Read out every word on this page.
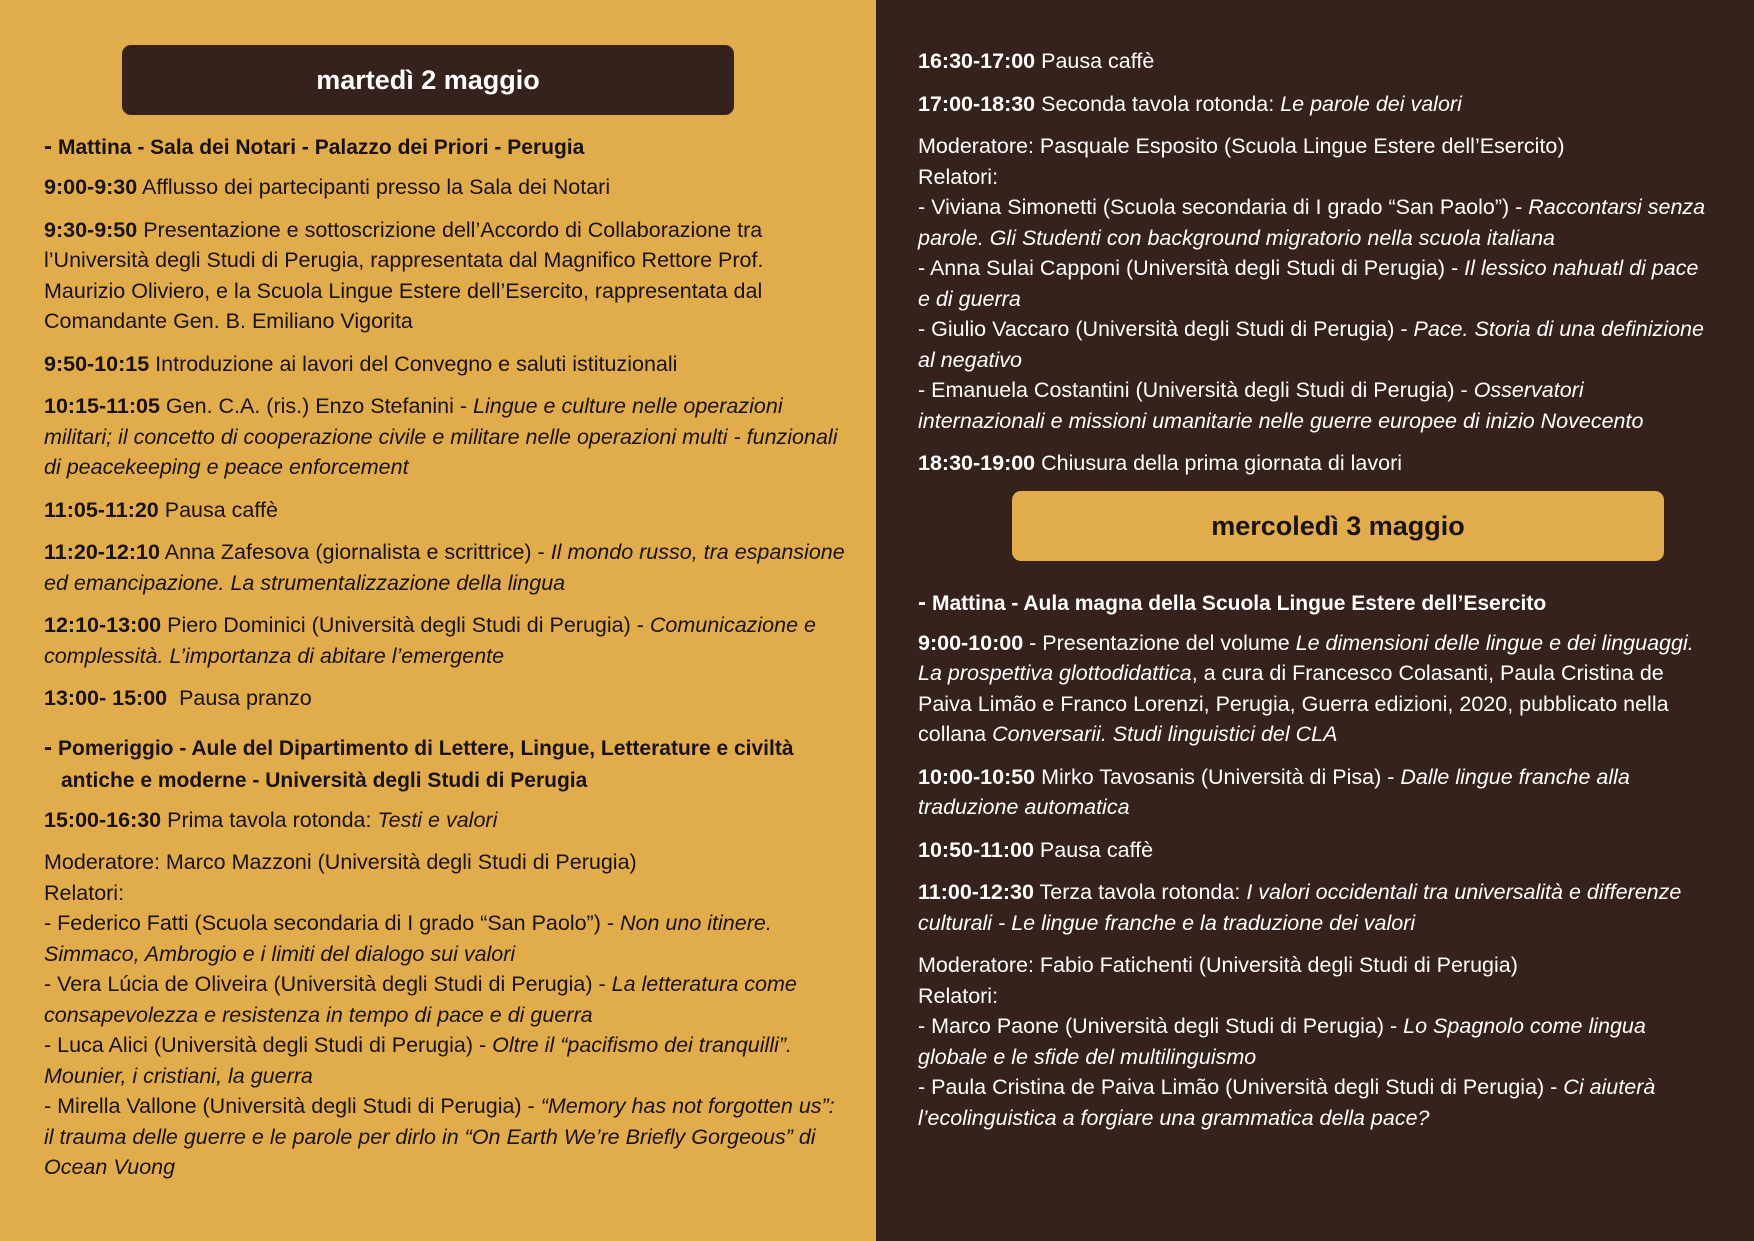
martedì 2 maggio
- Mattina - Sala dei Notari - Palazzo dei Priori - Perugia
9:00-9:30 Afflusso dei partecipanti presso la Sala dei Notari
9:30-9:50 Presentazione e sottoscrizione dell’Accordo di Collaborazione tra l’Università degli Studi di Perugia, rappresentata dal Magnifico Rettore Prof. Maurizio Oliviero, e la Scuola Lingue Estere dell’Esercito, rappresentata dal Comandante Gen. B. Emiliano Vigorita
9:50-10:15 Introduzione ai lavori del Convegno e saluti istituzionali
10:15-11:05 Gen. C.A. (ris.) Enzo Stefanini - Lingue e culture nelle operazioni militari; il concetto di cooperazione civile e militare nelle operazioni multi - funzionali di peacekeeping e peace enforcement
11:05-11:20 Pausa caffè
11:20-12:10 Anna Zafesova (giornalista e scrittrice) - Il mondo russo, tra espansione ed emancipazione. La strumentalizzazione della lingua
12:10-13:00 Piero Dominici (Università degli Studi di Perugia) - Comunicazione e complessità. L’importanza di abitare l’emergente
13:00- 15:00  Pausa pranzo
- Pomeriggio - Aule del Dipartimento di Lettere, Lingue, Letterature e civiltà
antiche e moderne - Università degli Studi di Perugia
15:00-16:30 Prima tavola rotonda: Testi e valori
Moderatore: Marco Mazzoni (Università degli Studi di Perugia)
Relatori:
- Federico Fatti (Scuola secondaria di I grado “San Paolo”) - Non uno itinere. Simmaco, Ambrogio e i limiti del dialogo sui valori
- Vera Lúcia de Oliveira (Università degli Studi di Perugia) - La letteratura come consapevolezza e resistenza in tempo di pace e di guerra
- Luca Alici (Università degli Studi di Perugia) - Oltre il “pacifismo dei tranquilli”. Mounier, i cristiani, la guerra
- Mirella Vallone (Università degli Studi di Perugia) - “Memory has not forgotten us”: il trauma delle guerre e le parole per dirlo in “On Earth We’re Briefly Gorgeous” di Ocean Vuong
16:30-17:00 Pausa caffè
17:00-18:30 Seconda tavola rotonda: Le parole dei valori
Moderatore: Pasquale Esposito (Scuola Lingue Estere dell’Esercito)
Relatori:
- Viviana Simonetti (Scuola secondaria di I grado “San Paolo”) - Raccontarsi senza parole. Gli Studenti con background migratorio nella scuola italiana
- Anna Sulai Capponi (Università degli Studi di Perugia) - Il lessico nahuatl di pace e di guerra
- Giulio Vaccaro (Università degli Studi di Perugia) - Pace. Storia di una definizione al negativo
- Emanuela Costantini (Università degli Studi di Perugia) - Osservatori internazionali e missioni umanitarie nelle guerre europee di inizio Novecento
18:30-19:00 Chiusura della prima giornata di lavori
mercoledì 3 maggio
- Mattina - Aula magna della Scuola Lingue Estere dell’Esercito
9:00-10:00 - Presentazione del volume Le dimensioni delle lingue e dei linguaggi. La prospettiva glottodidattica, a cura di Francesco Colasanti, Paula Cristina de Paiva Limão e Franco Lorenzi, Perugia, Guerra edizioni, 2020, pubblicato nella collana Conversarii. Studi linguistici del CLA
10:00-10:50 Mirko Tavosanis (Università di Pisa) - Dalle lingue franche alla traduzione automatica
10:50-11:00 Pausa caffè
11:00-12:30 Terza tavola rotonda: I valori occidentali tra universalità e differenze culturali - Le lingue franche e la traduzione dei valori
Moderatore: Fabio Fatichenti (Università degli Studi di Perugia)
Relatori:
- Marco Paone (Università degli Studi di Perugia) - Lo Spagnolo come lingua globale e le sfide del multilinguismo
- Paula Cristina de Paiva Limão (Università degli Studi di Perugia) - Ci aiuterà l’ecolinguistica a forgiare una grammatica della pace?
